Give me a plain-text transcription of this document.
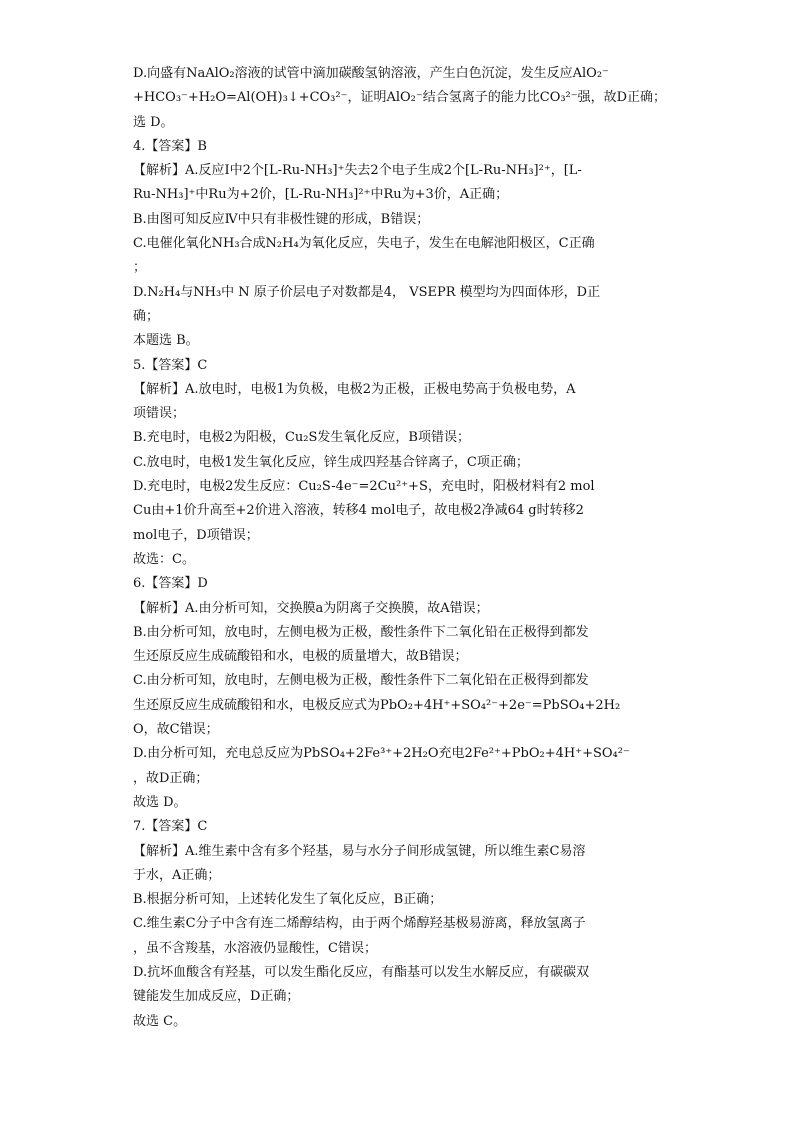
D.向盛有NaAlO₂溶液的试管中滴加碳酸氢钠溶液，产生白色沉淀，发生反应AlO₂⁻
+HCO₃⁻+H₂O=Al(OH)₃↓+CO₃²⁻，证明AlO₂⁻结合氢离子的能力比CO₃²⁻强，故D正确；
选 D。
4.【答案】B
【解析】A.反应Ⅰ中2个[L-Ru-NH₃]⁺失去2个电子生成2个[L-Ru-NH₃]²⁺，[L-
Ru-NH₃]⁺中Ru为+2价，[L-Ru-NH₃]²⁺中Ru为+3价，A正确；
B.由图可知反应Ⅳ中只有非极性键的形成，B错误；
C.电催化氧化NH₃合成N₂H₄为氧化反应，失电子，发生在电解池阳极区，C正确
；
D.N₂H₄与NH₃中 N 原子价层电子对数都是4， VSEPR 模型均为四面体形，D正
确；
本题选 B。
5.【答案】C
【解析】A.放电时，电极1为负极，电极2为正极，正极电势高于负极电势，A
项错误；
B.充电时，电极2为阳极，Cu₂S发生氧化反应，B项错误；
C.放电时，电极1发生氧化反应，锌生成四羟基合锌离子，C项正确；
D.充电时，电极2发生反应：Cu₂S-4e⁻=2Cu²⁺+S，充电时，阳极材料有2 mol
Cu由+1价升高至+2价进入溶液，转移4 mol电子，故电极2净减64 g时转移2
mol电子，D项错误；
故选：C。
6.【答案】D
【解析】A.由分析可知，交换膜a为阴离子交换膜，故A错误；
B.由分析可知，放电时，左侧电极为正极，酸性条件下二氧化铅在正极得到都发
生还原反应生成硫酸铅和水，电极的质量增大，故B错误；
C.由分析可知，放电时，左侧电极为正极，酸性条件下二氧化铅在正极得到都发
生还原反应生成硫酸铅和水，电极反应式为PbO₂+4H⁺+SO₄²⁻+2e⁻=PbSO₄+2H₂
O，故C错误；
D.由分析可知，充电总反应为PbSO₄+2Fe³⁺+2H₂O充电2Fe²⁺+PbO₂+4H⁺+SO₄²⁻
，故D正确；
故选 D。
7.【答案】C
【解析】A.维生素中含有多个羟基，易与水分子间形成氢键，所以维生素C易溶
于水，A正确；
B.根据分析可知，上述转化发生了氧化反应，B正确；
C.维生素C分子中含有连二烯醇结构，由于两个烯醇羟基极易游离，释放氢离子
，虽不含羧基，水溶液仍显酸性，C错误；
D.抗坏血酸含有羟基，可以发生酯化反应，有酯基可以发生水解反应，有碳碳双
键能发生加成反应，D正确；
故选 C。
